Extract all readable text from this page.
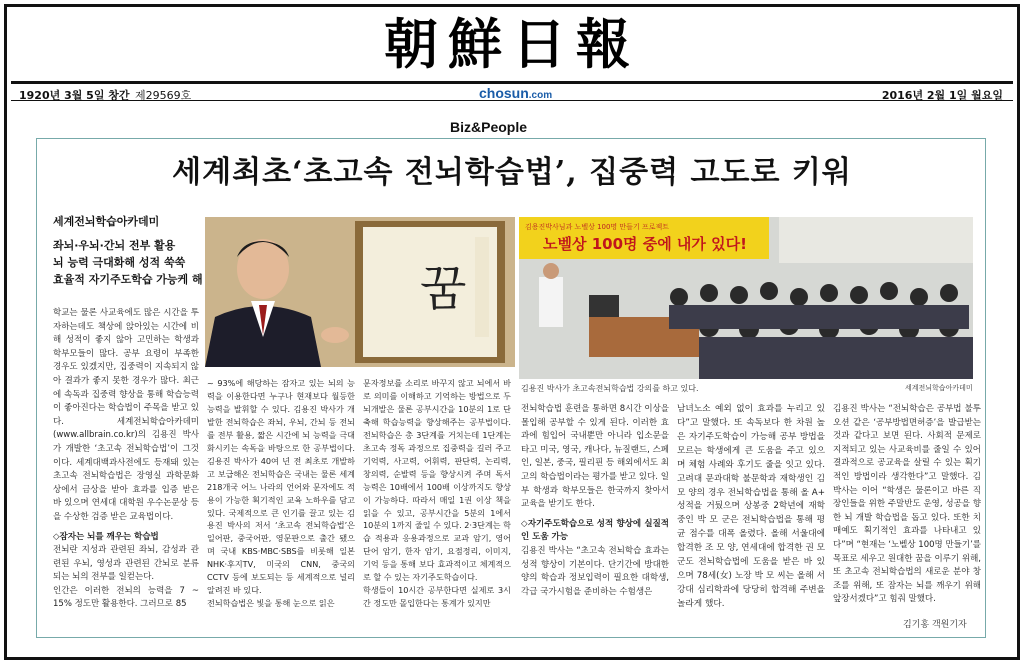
朝鮮日報
1920년 3월 5일 창간 제29569호	chosun.com	2016년 2월 1일 월요일
Biz&People
세계최초‘초고속 전뇌학습법’, 집중력 고도로 키워
세계전뇌학습아카데미
좌뇌·우뇌·간뇌 전부 활용
뇌 능력 극대화해 성적 쑥쑥
효율적 자기주도학습 가능케 해	꿈
김용진박사님과 노벨상 100명 만들기 프로젝트
노벨상 100명 중에 내가 있다!
김용진 박사가 초고속전뇌학습법 강의를 하고 있다.	세계전뇌학습아카데미
학교는 물론 사교육에도 많은 시간을 투자하는데도 책상에 앉아있는 시간에 비해 성적이 좋지 않아 고민하는 학생과 학부모들이 많다. 공부 요령이 부족한 경우도 있겠지만, 집중력이 지속되지 않아 결과가 좋지 못한 경우가 많다. 최근에 속독과 집중력 향상을 통해 학습능력이 좋아진다는 학습법이 주목을 받고 있다. 세계전뇌학습아카데미(www.allbrain.co.kr)의 김용진 박사가 개발한 ‘초고속 전뇌학습법’이 그것이다. 세계대백과사전에도 등재돼 있는 초고속 전뇌학습법은 장영실 과학문화상에서 금상을 받아 효과를 입증 받은 바 있으며 연세대 대학원 우수논문상 등을 수상한 검증 받은 교육법이다.
◇잠자는 뇌를 깨우는 학습법
전뇌란 지성과 관련된 좌뇌, 감성과 관련된 우뇌, 영성과 관련된 간뇌로 분류되는 뇌의 전부를 일컫는다.
인간은 이러한 전뇌의 능력을 7 ~ 15% 정도만 활용한다. 그러므로 85
~ 93%에 해당하는 잠자고 있는 뇌의 능력을 이용한다면 누구나 현재보다 월등한 능력을 발휘할 수 있다. 김용진 박사가 개발한 전뇌학습은 좌뇌, 우뇌, 간뇌 등 전뇌를 전부 활용, 짧은 시간에 뇌 능력을 극대화시키는 속독을 바탕으로 한 공부법이다. 김용진 박사가 40여 년 전 최초로 개발하고 보급해온 전뇌학습은 국내는 물론 세계 218개국 어느 나라의 언어와 문자에도 적용이 가능한 획기적인 교육 노하우를 담고 있다. 국제적으로 큰 인기를 끌고 있는 김용진 박사의 저서 ‘초고속 전뇌학습법’은 일어판, 중국어판, 영문판으로 출간 됐으며 국내 KBS·MBC·SBS를 비롯해 일본 NHK·후지TV, 미국의 CNN, 중국의 CCTV 등에 보도되는 등 세계적으로 널리 알려진 바 있다.
전뇌학습법은 빛을 통해 눈으로 읽은
문자정보를 소리로 바꾸지 않고 뇌에서 바로 의미를 이해하고 기억하는 방법으로 두뇌개발은 물론 공부시간을 10분의 1로 단축해 학습능력을 향상해주는 공부법이다. 전뇌학습은 총 3단계를 거치는데 1단계는 초고속 정독 과정으로 집중력을 길러 주고 기억력, 사고력, 어휘력, 판단력, 논리력, 창의력, 순발력 등을 향상시켜 주며 독서 능력은 10배에서 100배 이상까지도 향상이 가능하다. 따라서 매일 1권 이상 책을 읽을 수 있고, 공부시간을 5분의 1에서 10분의 1까지 줄일 수 있다. 2·3단계는 학습 적용과 응용과정으로 교과 암기, 영어 단어 암기, 한자 암기, 요점정리, 이미지, 기억 등을 통해 보다 효과적이고 체계적으로 할 수 있는 자기주도학습이다.
학생들이 10시간 공부한다면 실제로 3시간 정도만 몰입한다는 통계가 있지만
전뇌학습법 훈련을 통하면 8시간 이상을 몰입해 공부할 수 있게 된다. 이러한 효과에 힘입어 국내뿐만 아니라 입소문을 타고 미국, 영국, 캐나다, 뉴질랜드, 스페인, 일본, 중국, 필리핀 등 해외에서도 최고의 학습법이라는 평가를 받고 있다. 일부 학생과 학부모들은 한국까지 찾아서 교육을 받기도 한다.
◇자기주도학습으로 성적 향상에 실질적인 도움 가능
김용진 박사는 “초고속 전뇌학습 효과는 성적 향상이 기본이다. 단기간에 방대한 양의 학습과 정보입력이 필요한 대학생, 각급 국가시험을 준비하는 수험생은
남녀노소 예외 없이 효과를 누리고 있다”고 말했다. 또 속독보다 한 차원 높은 자기주도학습이 가능해 공부 방법을 모르는 학생에게 큰 도움을 주고 있으며 체험 사례와 후기도 줄을 잇고 있다. 고려대 문과대학 불문학과 재학생인 김 모 양의 경우 전뇌학습법을 통해 올 A+ 성적을 거뒀으며 상봉중 2학년에 재학중인 박 모 군은 전뇌학습법을 통해 평균 점수를 대폭 올렸다. 올해 서울대에 합격한 조 모 양, 연세대에 합격한 권 모 군도 전뇌학습법에 도움을 받은 바 있으며 78세(女) 노장 박 모 씨는 올해 서강대 심리학과에 당당히 합격해 주변을 놀라게 했다.
김용진 박사는 “전뇌학습은 공부법 불투오션 같은 ‘공부방법면허증’을 발급받는 것과 같다고 보면 된다. 사회적 문제로 지적되고 있는 사교육비를 줄일 수 있어 결과적으로 공교육을 살릴 수 있는 획기적인 방법이라 생각한다”고 말했다. 김 박사는 이어 “학생은 물론이고 바른 직장인들을 위한 주말반도 운영, 성공을 향한 뇌 개발 학습법을 돕고 있다. 또한 치매예도 획기적인 효과를 나타내고 있다”며 “현재는 ‘노벨상 100명 만들기’를 목표로 세우고 원대한 꿈을 이루기 위해, 또 초고속 전뇌학습법의 새로운 분야 창조를 위해, 또 잠자는 뇌를 깨우기 위해 앞장서겠다”고 힘줘 말했다.
김기홍 객원기자
